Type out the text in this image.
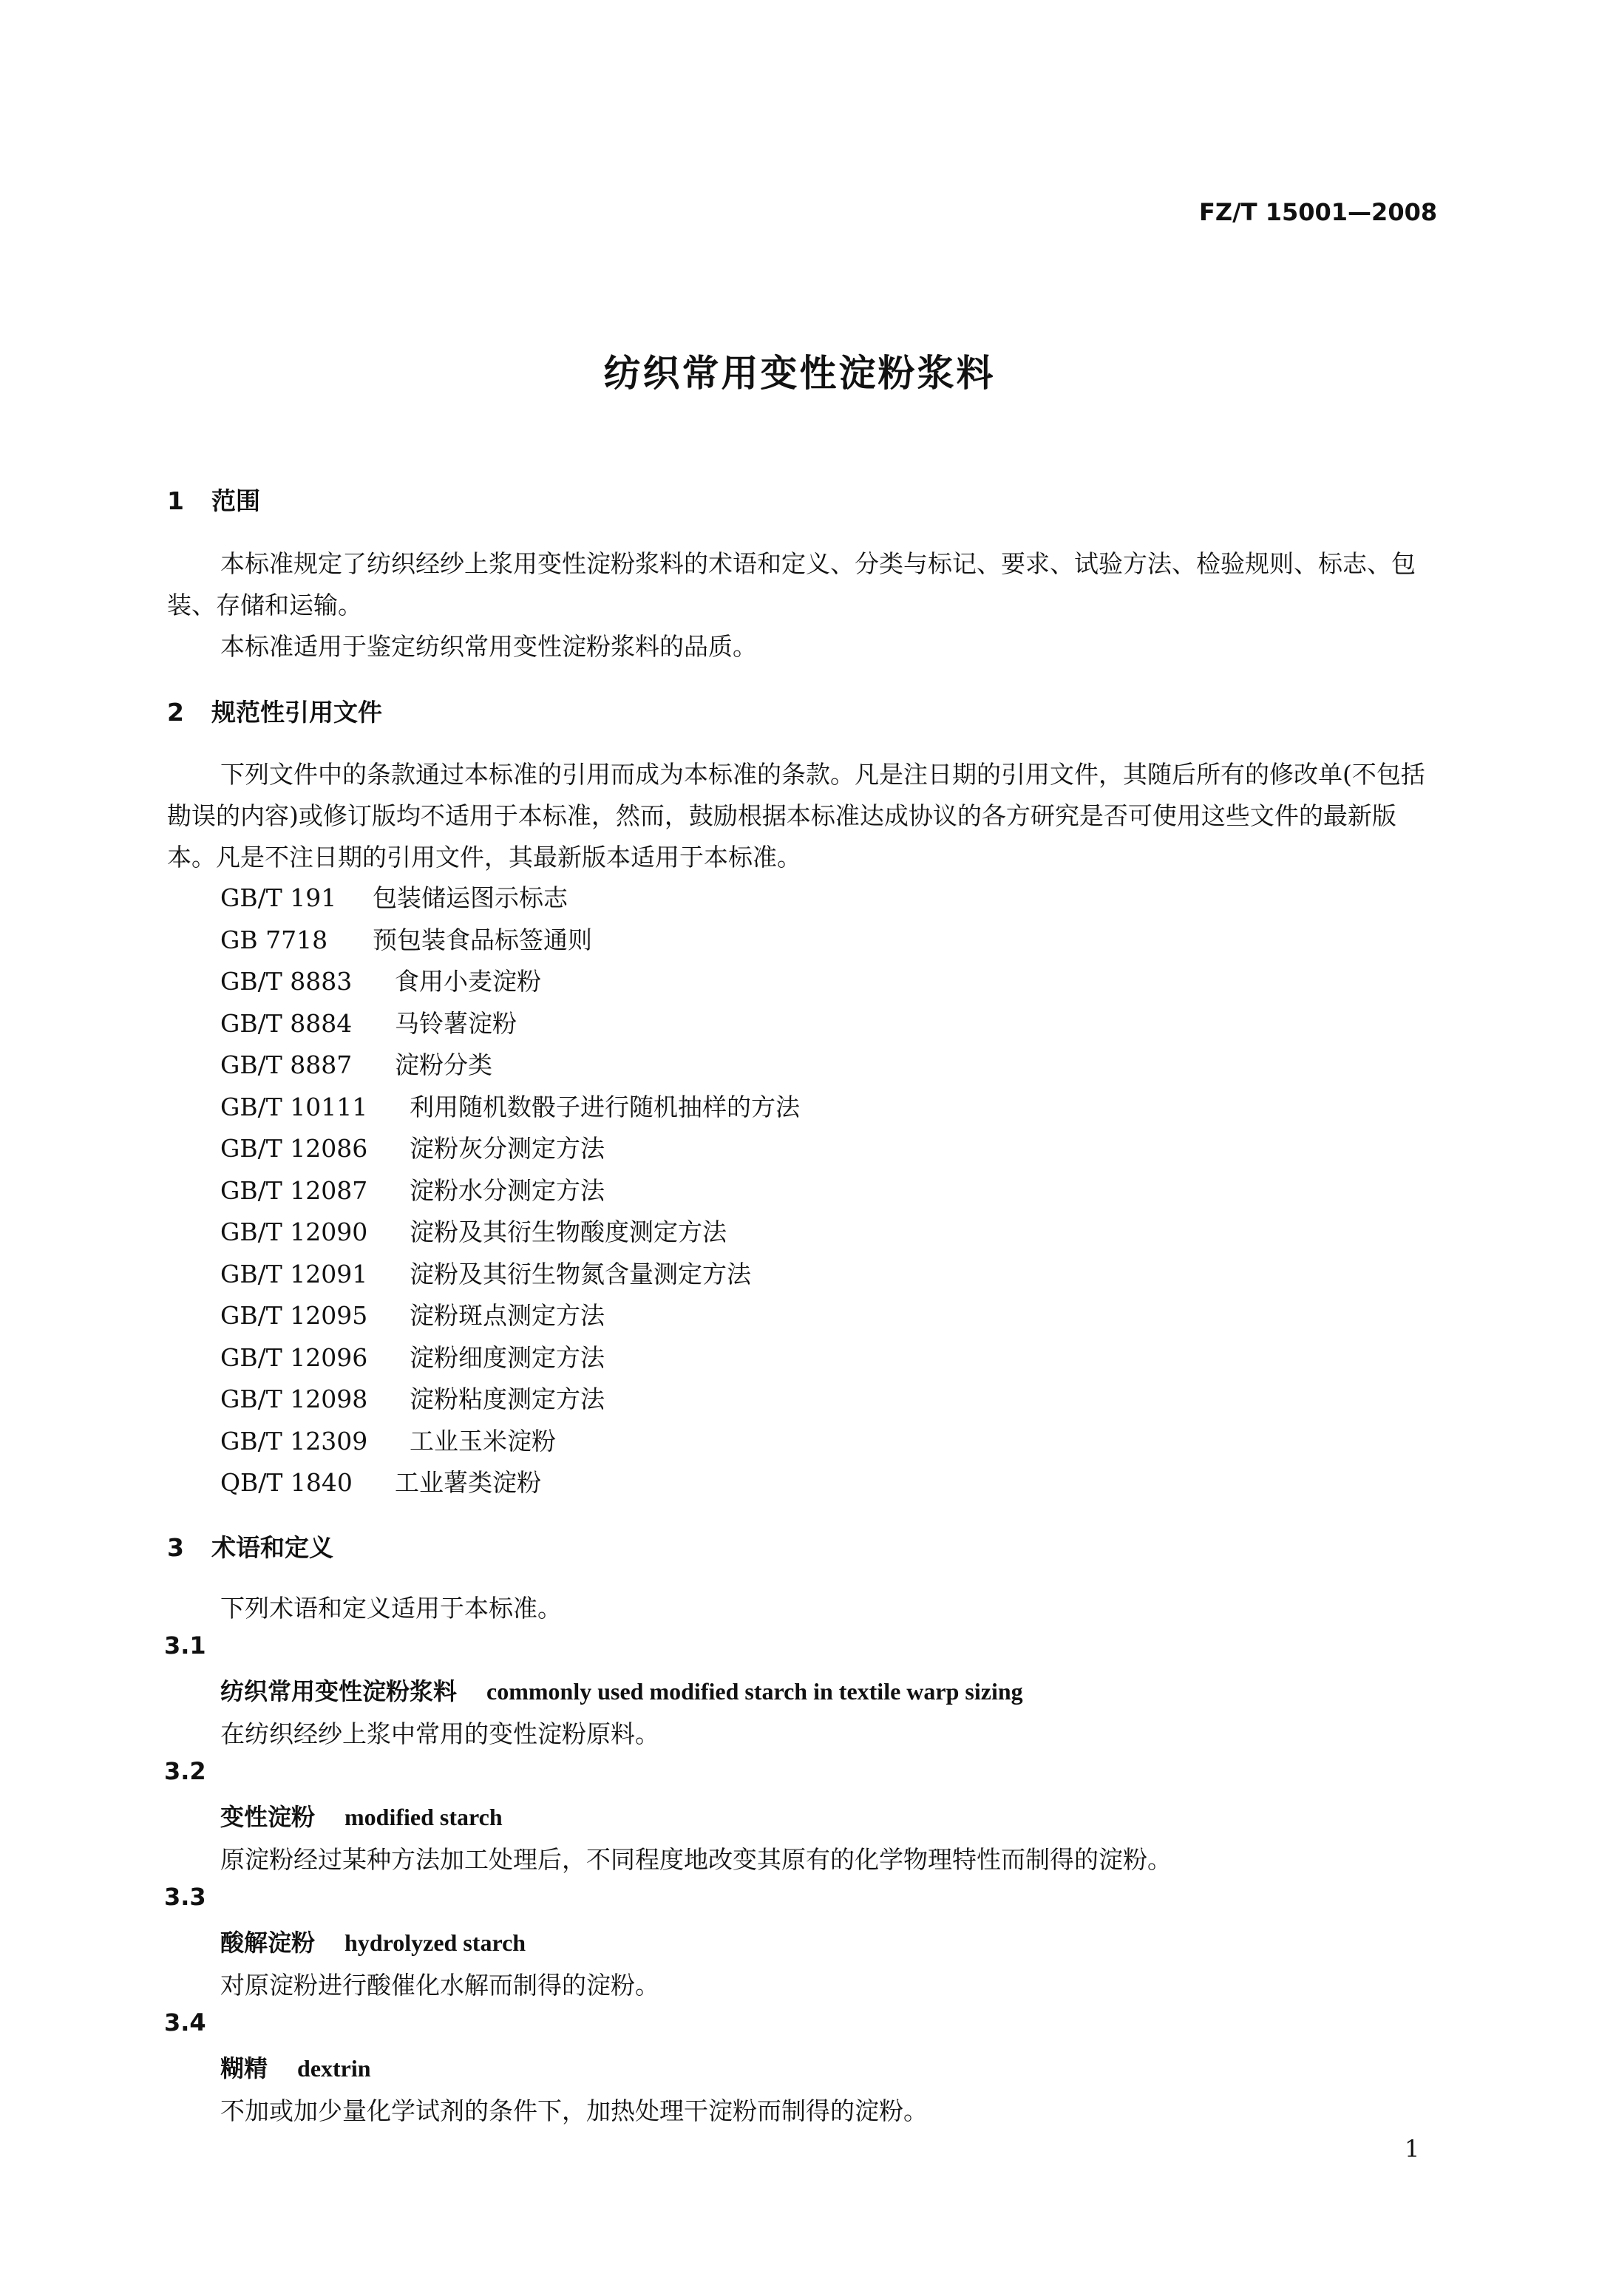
FZ/T 15001—2008
纺织常用变性淀粉浆料
1 范围
本标准规定了纺织经纱上浆用变性淀粉浆料的术语和定义、分类与标记、要求、试验方法、检验规则、标志、包装、存储和运输。
本标准适用于鉴定纺织常用变性淀粉浆料的品质。
2 规范性引用文件
下列文件中的条款通过本标准的引用而成为本标准的条款。凡是注日期的引用文件，其随后所有的修改单(不包括勘误的内容)或修订版均不适用于本标准，然而，鼓励根据本标准达成协议的各方研究是否可使用这些文件的最新版本。凡是不注日期的引用文件，其最新版本适用于本标准。
GB/T 191 包装储运图示标志
GB 7718 预包装食品标签通则
GB/T 8883 食用小麦淀粉
GB/T 8884 马铃薯淀粉
GB/T 8887 淀粉分类
GB/T 10111 利用随机数骰子进行随机抽样的方法
GB/T 12086 淀粉灰分测定方法
GB/T 12087 淀粉水分测定方法
GB/T 12090 淀粉及其衍生物酸度测定方法
GB/T 12091 淀粉及其衍生物氮含量测定方法
GB/T 12095 淀粉斑点测定方法
GB/T 12096 淀粉细度测定方法
GB/T 12098 淀粉粘度测定方法
GB/T 12309 工业玉米淀粉
QB/T 1840 工业薯类淀粉
3 术语和定义
下列术语和定义适用于本标准。
3.1
纺织常用变性淀粉浆料 commonly used modified starch in textile warp sizing
在纺织经纱上浆中常用的变性淀粉原料。
3.2
变性淀粉 modified starch
原淀粉经过某种方法加工处理后，不同程度地改变其原有的化学物理特性而制得的淀粉。
3.3
酸解淀粉 hydrolyzed starch
对原淀粉进行酸催化水解而制得的淀粉。
3.4
糊精 dextrin
不加或加少量化学试剂的条件下，加热处理干淀粉而制得的淀粉。
1
